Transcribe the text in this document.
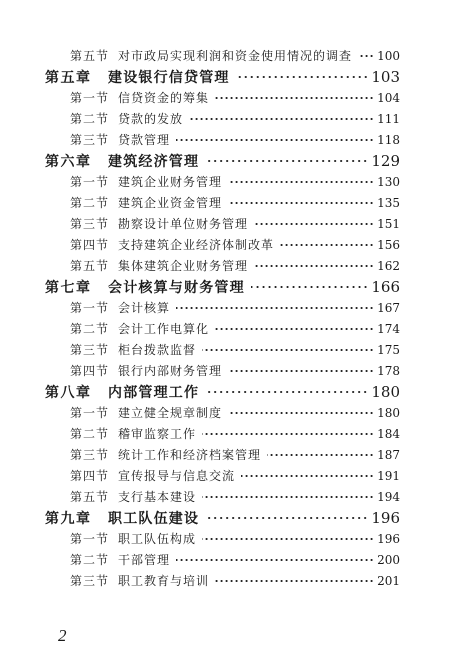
第五节 对市政局实现利润和资金使用情况的调查 100
第五章	建设银行信贷管理	103
第一节 信贷资金的筹集	104
第二节 贷款的发放	111
第三节 贷款管理	118
第六章	建筑经济管理	129
第一节 建筑企业财务管理	130
第二节 建筑企业资金管理	135
第三节 勘察设计单位财务管理	151
第四节 支持建筑企业经济体制改革	156
第五节 集体建筑企业财务管理	162
第七章	会计核算与财务管理	166
第一节 会计核算	167
第二节 会计工作电算化	174
第三节 柜台拨款监督	175
第四节 银行内部财务管理	178
第八章	内部管理工作	180
第一节 建立健全规章制度	180
第二节 稽审监察工作	184
第三节 统计工作和经济档案管理	187
第四节 宣传报导与信息交流	191
第五节 支行基本建设	194
第九章	职工队伍建设	196
第一节 职工队伍构成	196
第二节 干部管理	200
第三节 职工教育与培训	201
2
